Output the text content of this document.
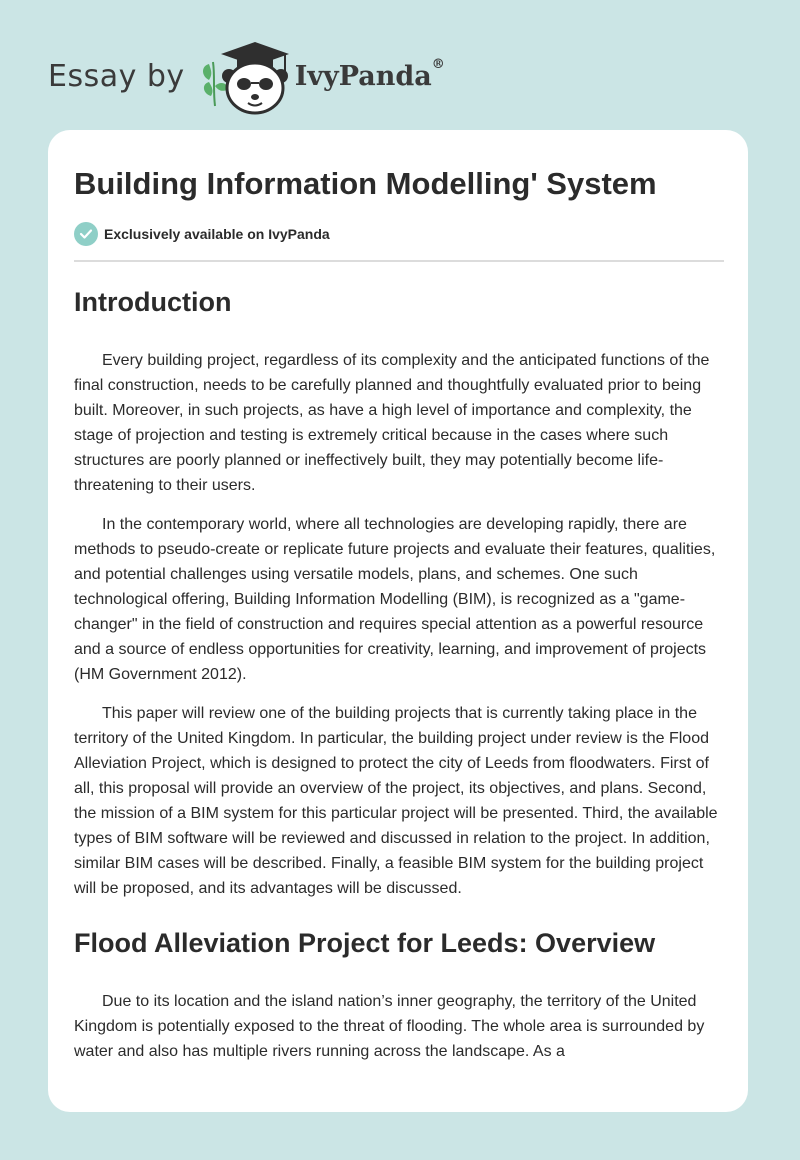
Essay by	IvyPanda®
Building Information Modelling' System
Exclusively available on IvyPanda
Introduction

Every building project, regardless of its complexity and the anticipated functions of the final construction, needs to be carefully planned and thoughtfully evaluated prior to being built. Moreover, in such projects, as have a high level of importance and complexity, the stage of projection and testing is extremely critical because in the cases where such structures are poorly planned or ineffectively built, they may potentially become life-threatening to their users.

In the contemporary world, where all technologies are developing rapidly, there are methods to pseudo-create or replicate future projects and evaluate their features, qualities, and potential challenges using versatile models, plans, and schemes. One such technological offering, Building Information Modelling (BIM), is recognized as a "game-changer" in the field of construction and requires special attention as a powerful resource and a source of endless opportunities for creativity, learning, and improvement of projects (HM Government 2012).

This paper will review one of the building projects that is currently taking place in the territory of the United Kingdom. In particular, the building project under review is the Flood Alleviation Project, which is designed to protect the city of Leeds from floodwaters. First of all, this proposal will provide an overview of the project, its objectives, and plans. Second, the mission of a BIM system for this particular project will be presented. Third, the available types of BIM software will be reviewed and discussed in relation to the project. In addition, similar BIM cases will be described. Finally, a feasible BIM system for the building project will be proposed, and its advantages will be discussed.

Flood Alleviation Project for Leeds: Overview

Due to its location and the island nation’s inner geography, the territory of the United Kingdom is potentially exposed to the threat of flooding. The whole area is surrounded by water and also has multiple rivers running across the landscape. As a
